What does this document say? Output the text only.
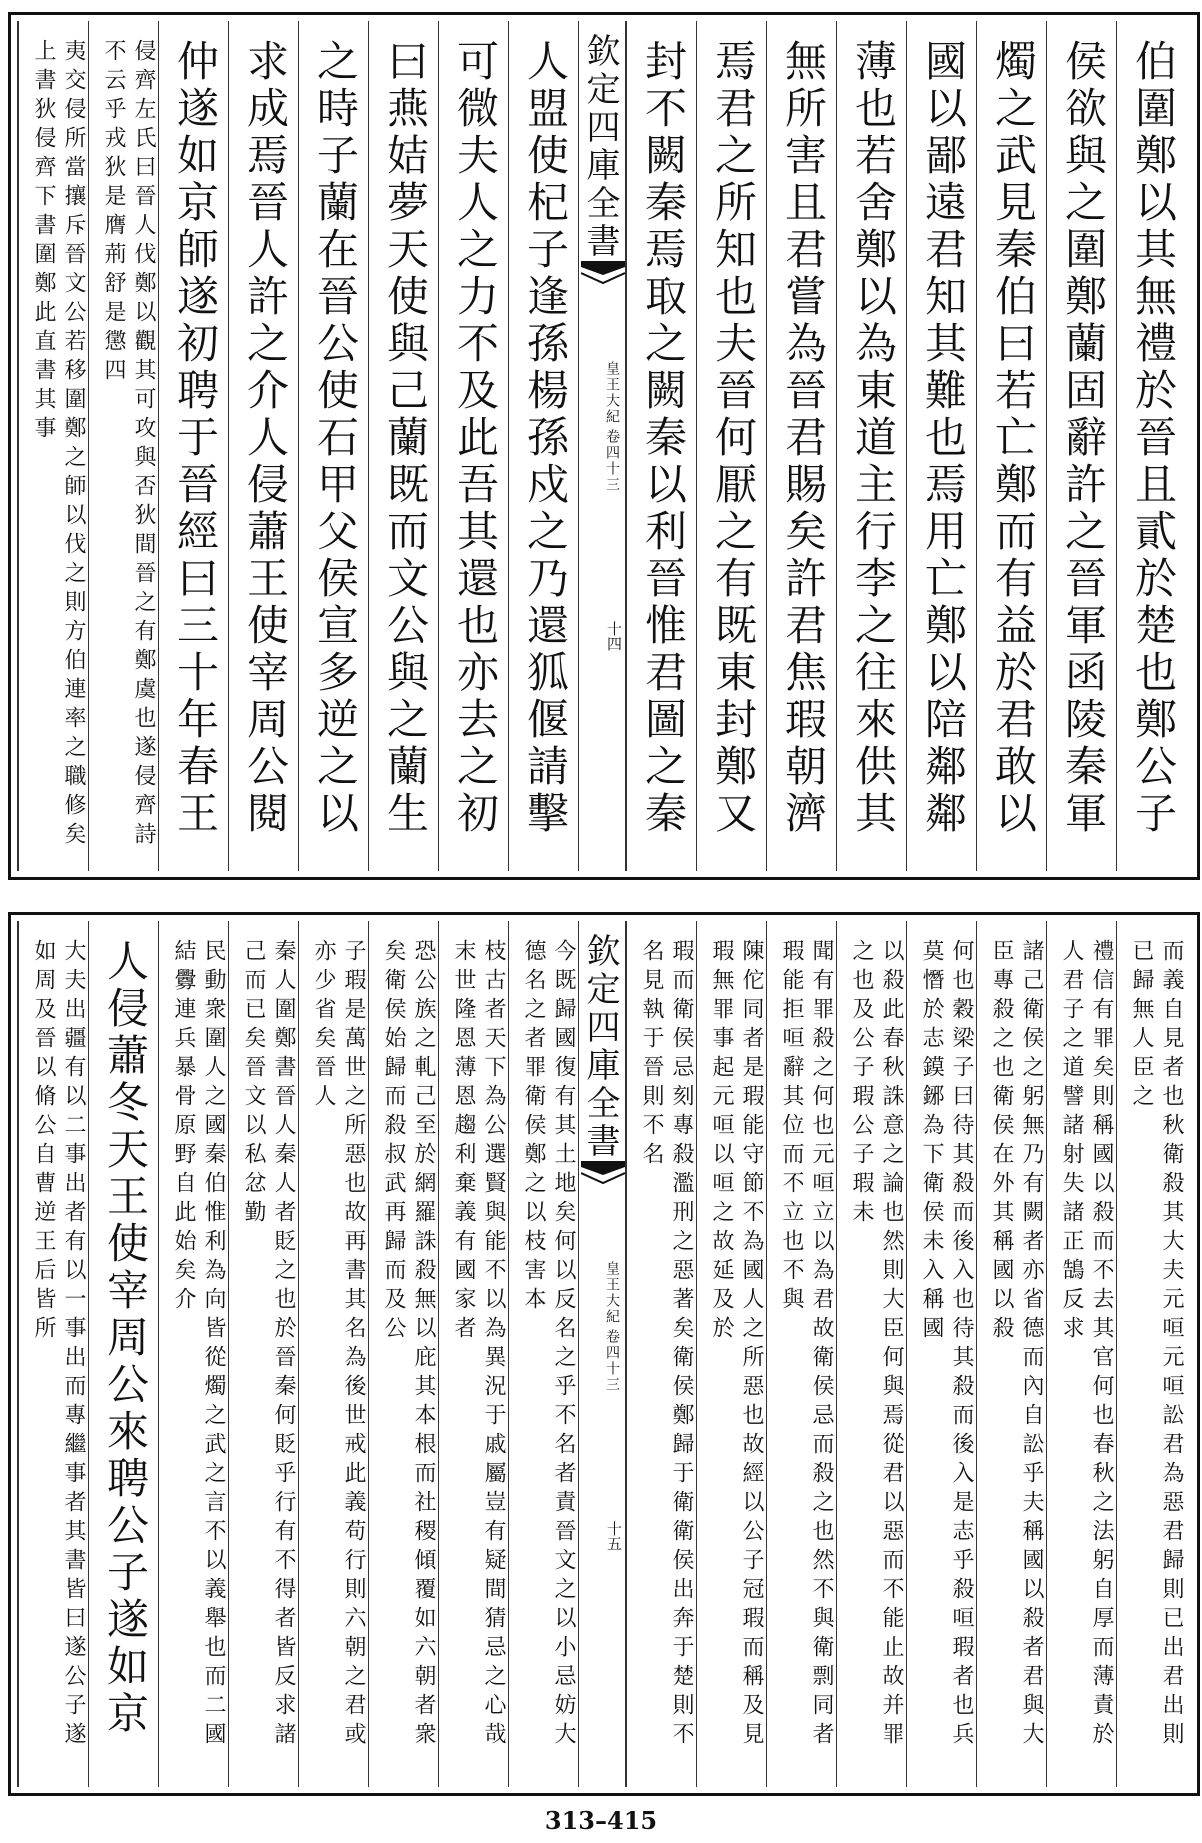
伯圍鄭以其無禮於晉且貳於楚也鄭公子
侯欲與之圍鄭蘭固辭許之晉軍函陵秦軍
燭之武見秦伯曰若亡鄭而有益於君敢以
國以鄙遠君知其難也焉用亡鄭以陪鄰鄰
薄也若舍鄭以為東道主行李之往來供其
無所害且君嘗為晉君賜矣許君焦瑕朝濟
焉君之所知也夫晉何厭之有既東封鄭又
封不闕秦焉取之闕秦以利晉惟君圖之秦
欽定四庫全書
皇王大紀
卷四十三
十四
人盟使杞子逢孫楊孫戍之乃還狐偃請擊
可微夫人之力不及此吾其還也亦去之初
曰燕姞夢天使與己蘭既而文公與之蘭生
之時子蘭在晉公使石甲父侯宣多逆之以
求成焉晉人許之介人侵蕭王使宰周公閱
仲遂如京師遂初聘于晉經曰三十年春王
侵齊左氏曰晉人伐鄭以觀其可攻與否狄間晉之有鄭虞也遂侵齊詩不云乎戎狄是膺荊舒是懲四
夷交侵所當攘斥晉文公若移圍鄭之師以伐之則方伯連率之職修矣上書狄侵齊下書圍鄭此直書其事
而義自見者也秋衛殺其大夫元咺元咺訟君為惡君歸則已出君出則已歸無人臣之
禮信有罪矣則稱國以殺而不去其官何也春秋之法躬自厚而薄責於人君子之道譬諸射失諸正鵠反求
諸己衛侯之躬無乃有闕者亦省德而內自訟乎夫稱國以殺者君與大臣專殺之也衛侯在外其稱國以殺
何也穀梁子曰待其殺而後入也待其殺而後入是志乎殺咺瑕者也兵莫憯於志鏌鋣為下衛侯未入稱國
以殺此春秋誅意之論也然則大臣何與焉從君以惡而不能止故并罪之也及公子瑕公子瑕未
聞有罪殺之何也元咺立以為君故衛侯忌而殺之也然不與衛剽同者瑕能拒咺辭其位而不立也不與
陳佗同者是瑕能守節不為國人之所惡也故經以公子冠瑕而稱及見瑕無罪事起元咺以咺之故延及於
瑕而衛侯忌刻專殺濫刑之惡著矣衛侯鄭歸于衛衛侯出奔于楚則不名見執于晉則不名
欽定四庫全書
皇王大紀
卷四十三
十五
今既歸國復有其土地矣何以反名之乎不名者責晉文之以小忌妨大德名之者罪衛侯鄭之以枝害本
枝古者天下為公選賢與能不以為異況于戚屬豈有疑間猜忌之心哉末世隆恩薄恩趨利棄義有國家者
恐公族之軋己至於網羅誅殺無以庇其本根而社稷傾覆如六朝者衆矣衛侯始歸而殺叔武再歸而及公
子瑕是萬世之所惡也故再書其名為後世戒此義苟行則六朝之君或亦少省矣晉人
秦人圍鄭書晉人秦人者貶之也於晉秦何貶乎行有不得者皆反求諸己而已矣晉文以私忿勤
民動衆圍人之國秦伯惟利為向皆從燭之武之言不以義舉也而二國結釁連兵暴骨原野自此始矣介
人侵蕭冬天王使宰周公來聘公子遂如京
大夫出疆有以二事出者有以一事出而專繼事者其書皆曰遂公子遂如周及晉以脩公自曹逆王后皆所
313–415
